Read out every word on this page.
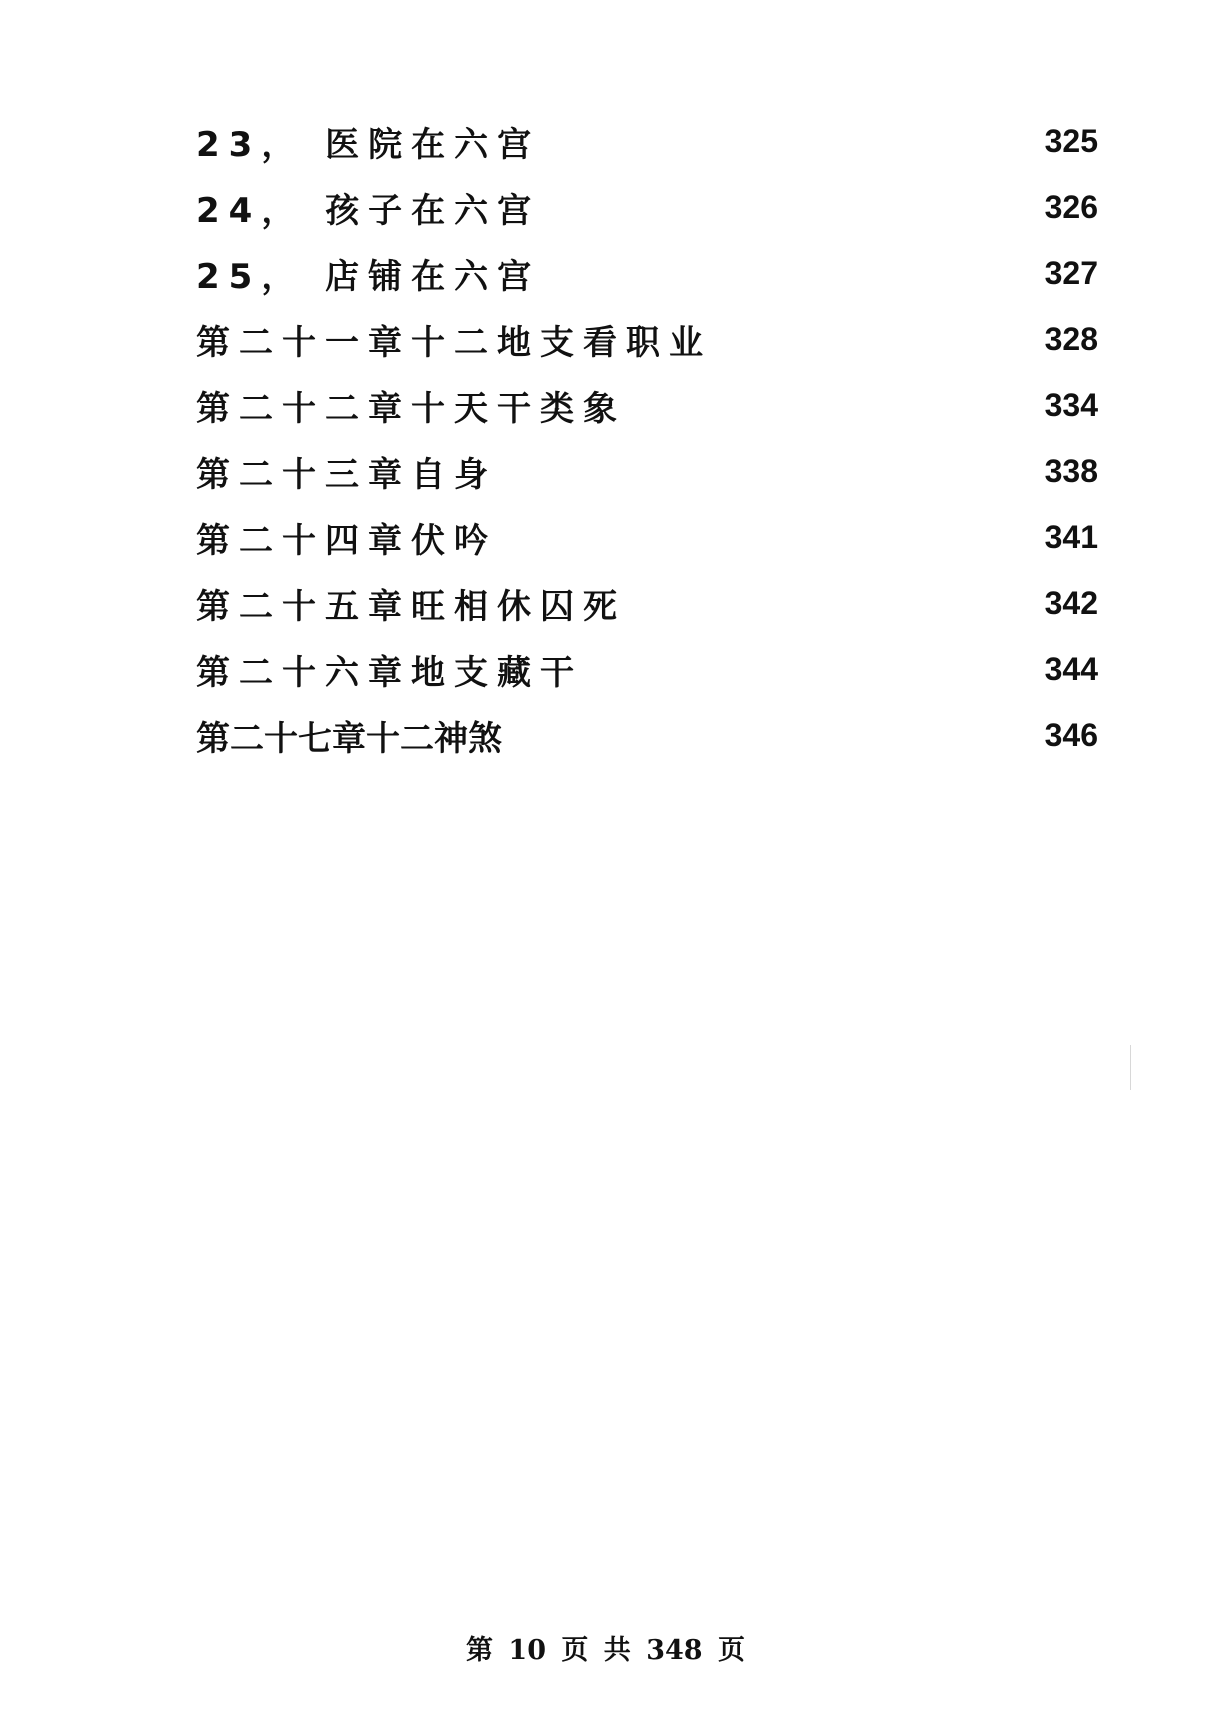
23， 医院在六宫	325
24， 孩子在六宫	326
25， 店铺在六宫	327
第二十一章十二地支看职业	328
第二十二章十天干类象	334
第二十三章自身	338
第二十四章伏吟	341
第二十五章旺相休囚死	342
第二十六章地支藏干	344
第二十七章十二神煞	346
第 10 页 共 348 页
